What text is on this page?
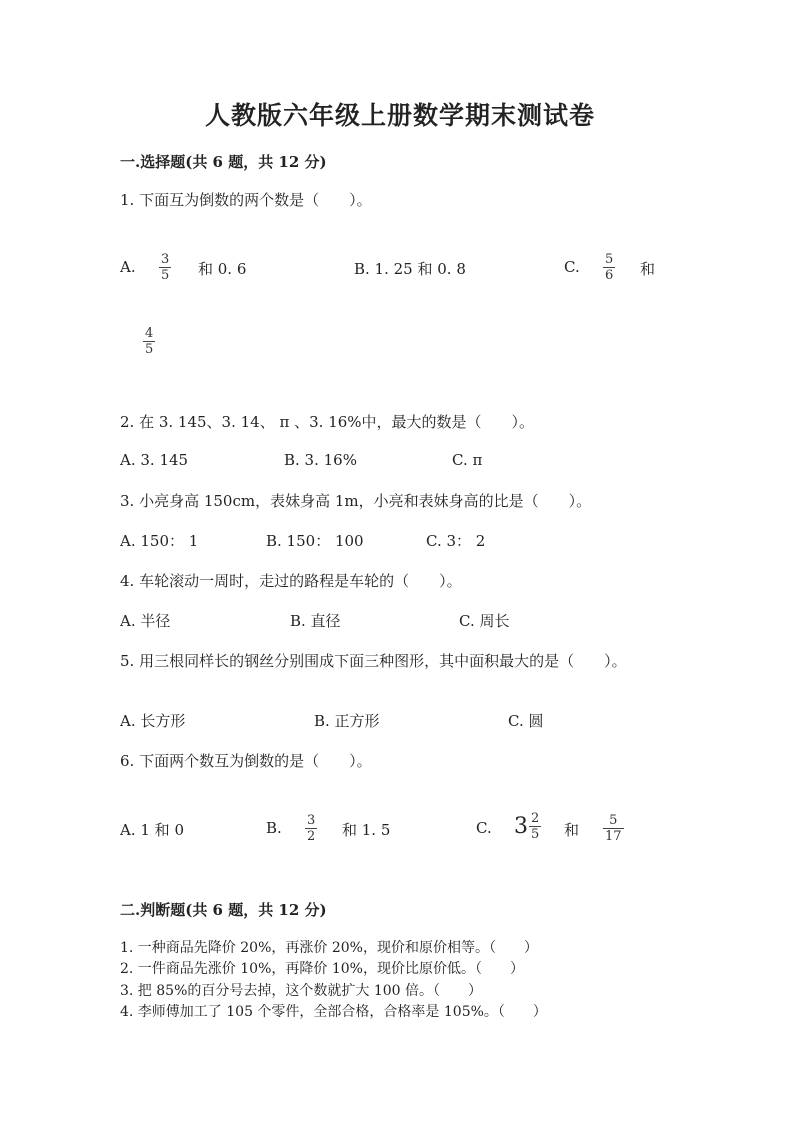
人教版六年级上册数学期末测试卷
一.选择题(共 6 题，共 12 分)
1. 下面互为倒数的两个数是（　　）。
A. $\frac{3}{5}$ 和 0. 6	B. 1. 25 和 0. 8	C. $\frac{5}{6}$ 和
$\frac{4}{5}$
2. 在 3. 145、3. 14、 π 、3. 16%中，最大的数是（　　）。
A. 3. 145	B. 3. 16%	C. π
3. 小亮身高 150cm，表妹身高 1m，小亮和表妹身高的比是（　　）。
A. 150： 1	B. 150： 100	C. 3： 2
4. 车轮滚动一周时，走过的路程是车轮的（　　）。
A. 半径	B. 直径	C. 周长
5. 用三根同样长的钢丝分别围成下面三种图形，其中面积最大的是（　　）。
A. 长方形	B. 正方形	C. 圆
6. 下面两个数互为倒数的是（　　）。
A. 1 和 0	B. $\frac{3}{2}$ 和 1. 5	C. $3 \frac{2}{5}$ 和 $\frac{5}{17}$
二.判断题(共 6 题，共 12 分)
1. 一种商品先降价 20%，再涨价 20%，现价和原价相等。（　　）
2. 一件商品先涨价 10%，再降价 10%，现价比原价低。（　　）
3. 把 85%的百分号去掉，这个数就扩大 100 倍。（　　）
4. 李师傅加工了 105 个零件，全部合格，合格率是 105%。（　　）
